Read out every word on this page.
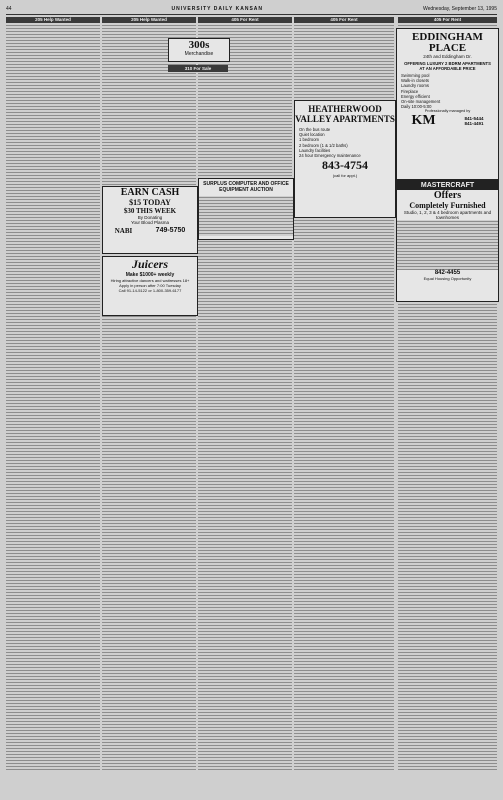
44	UNIVERSITY DAILY KANSAN	Wednesday, September 13, 1995
205 Help Wanted	205 Help Wanted	405 For Rent	405 For Rent	405 For Rent
300s
Merchandise
310 For Sale
EARN CASH
$15 TODAY
$30 THIS WEEK
By Donating
Your Blood Plasma
NABI	749-5750
Juicers
Make $1000+ weekly
Hiring attractive dancers and waitresses 18+
Apply in person after 7:00 Tuesday
Call 91-14-5122 or 1-800-359-6177
SURPLUS COMPUTER AND OFFICE EQUIPMENT AUCTION
HEATHERWOOD VALLEY APARTMENTS
On the bus route
Quiet location
1 bedroom
2 bedroom (1 & 1/2 baths)
Laundry facilities
24 hour Emergency maintenance
843-4754
(call for appt.)
EDDINGHAM PLACE
24th and Eddingham Dr.
OFFERING LUXURY 2 BDRM APARTMENTS AT AN AFFORDABLE PRICE
Swimming pool
Walk-in closets
Laundry rooms
Fireplace
Energy efficient
On-site management
Daily 10:00-5:00
Professionally managed by
KM	841-5444
841-4491
MASTERCRAFT
Offers
Completely Furnished
Studio, 1, 2, 3 & 4 bedroom apartments and townhomes
842-4455
Equal Housing Opportunity
